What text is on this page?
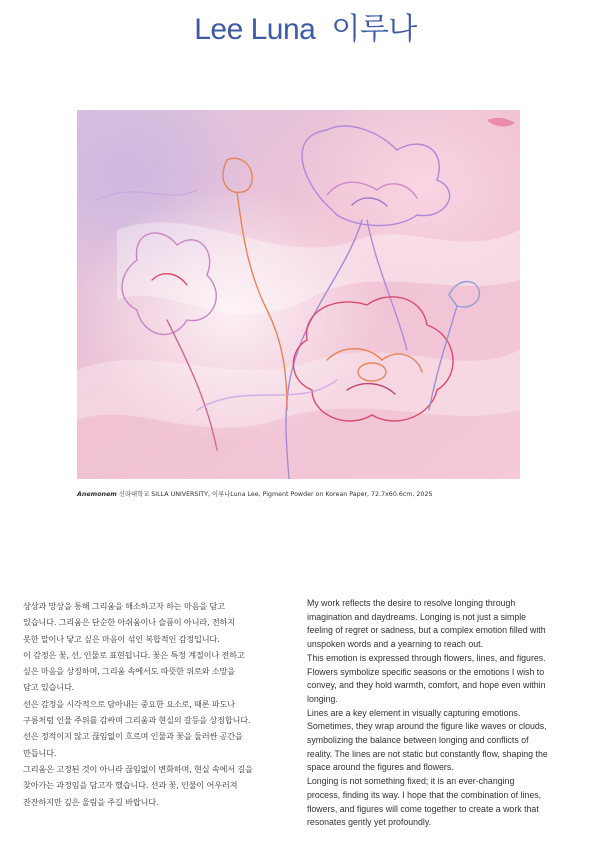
Lee Luna 이루나
Anemonem 신라대학교 SILLA UNIVERSITY, 이루나Luna Lee, Pigment Powder on Korean Paper, 72.7x60.6cm, 2025
상상과 망상을 통해 그리움을 해소하고자 하는 마음을 담고
있습니다. 그리움은 단순한 아쉬움이나 슬픔이 아니라, 전하지
못한 말이나 닿고 싶은 마음이 섞인 복합적인 감정입니다.
이 감정은 꽃, 선, 인물로 표현됩니다. 꽃은 특정 계절이나 전하고
싶은 마음을 상징하며, 그리움 속에서도 따뜻한 위로와 소망을
담고 있습니다.
선은 감정을 시각적으로 담아내는 중요한 요소로, 때론 파도나
구름처럼 인물 주위를 감싸며 그리움과 현실의 갈등을 상징합니다.
선은 정적이지 않고 끊임없이 흐르며 인물과 꽃을 둘러싼 공간을
만듭니다.
그리움은 고정된 것이 아니라 끊임없이 변화하며, 현실 속에서 길을
찾아가는 과정임을 담고자 했습니다. 선과 꽃, 인물이 어우러져
잔잔하지만 깊은 울림을 주길 바랍니다.
My work reflects the desire to resolve longing through
imagination and daydreams. Longing is not just a simple
feeling of regret or sadness, but a complex emotion filled with
unspoken words and a yearning to reach out.
This emotion is expressed through flowers, lines, and figures.
Flowers symbolize specific seasons or the emotions I wish to
convey, and they hold warmth, comfort, and hope even within
longing.
Lines are a key element in visually capturing emotions.
Sometimes, they wrap around the figure like waves or clouds,
symbolizing the balance between longing and conflicts of
reality. The lines are not static but constantly flow, shaping the
space around the figures and flowers.
Longing is not something fixed; it is an ever-changing
process, finding its way. I hope that the combination of lines,
flowers, and figures will come together to create a work that
resonates gently yet profoundly.
